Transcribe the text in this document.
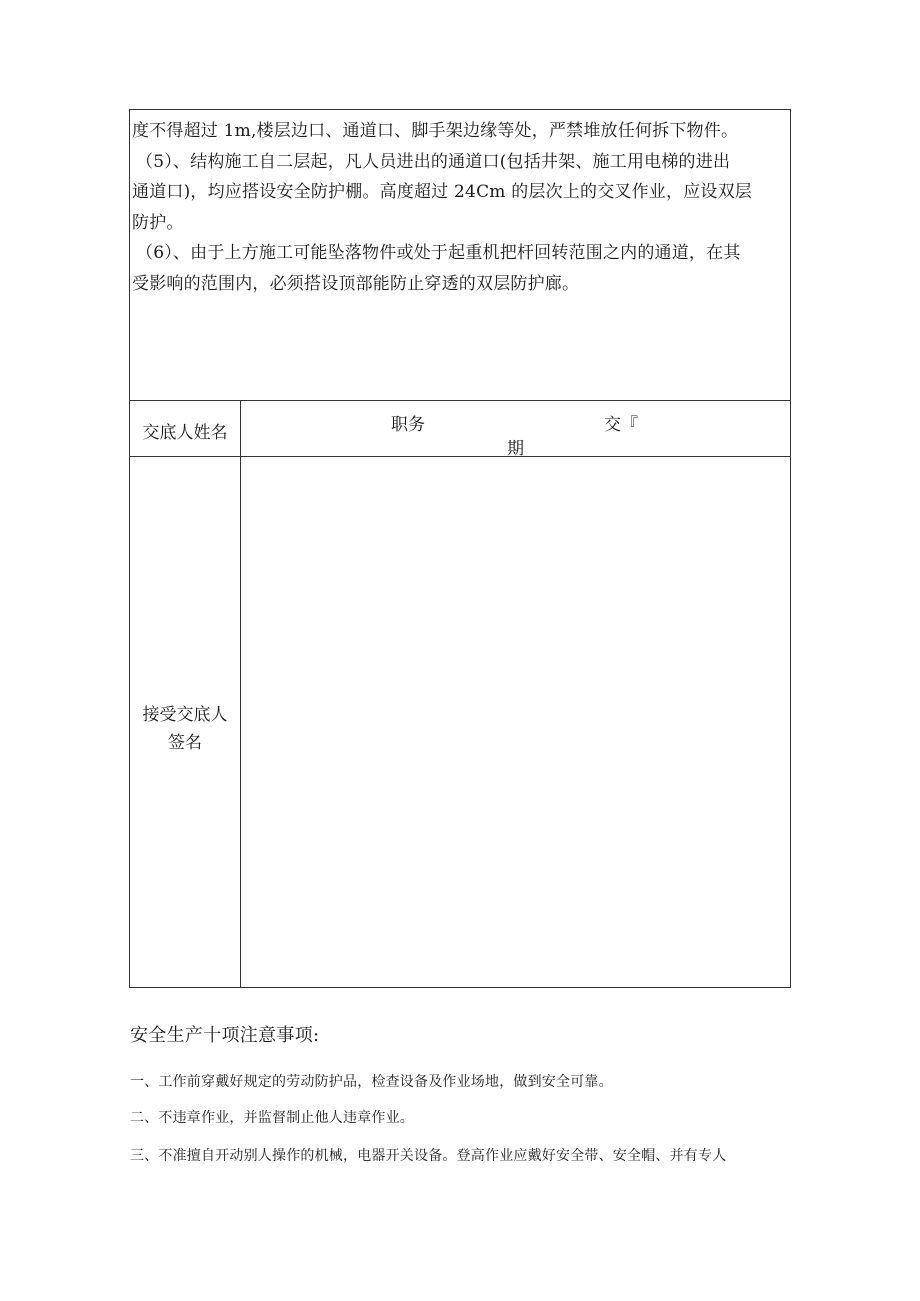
度不得超过 1m,楼层边口、通道口、脚手架边缘等处，严禁堆放任何拆下物件。
（5）、结构施工自二层起，凡人员进出的通道口(包括井架、施工用电梯的进出
通道口)，均应搭设安全防护棚。高度超过 24Cm 的层次上的交叉作业，应设双层
防护。
（6）、由于上方施工可能坠落物件或处于起重机把杆回转范围之内的通道，在其
受影响的范围内，必须搭设顶部能防止穿透的双层防护廊。
交底人姓名	职务	交『
期
接受交底人
签名
安全生产十项注意事项:
一、工作前穿戴好规定的劳动防护品，检查设备及作业场地，做到安全可靠。
二、不违章作业，并监督制止他人违章作业。
三、不准擅自开动别人操作的机械，电器开关设备。登高作业应戴好安全带、安全帽、并有专人
